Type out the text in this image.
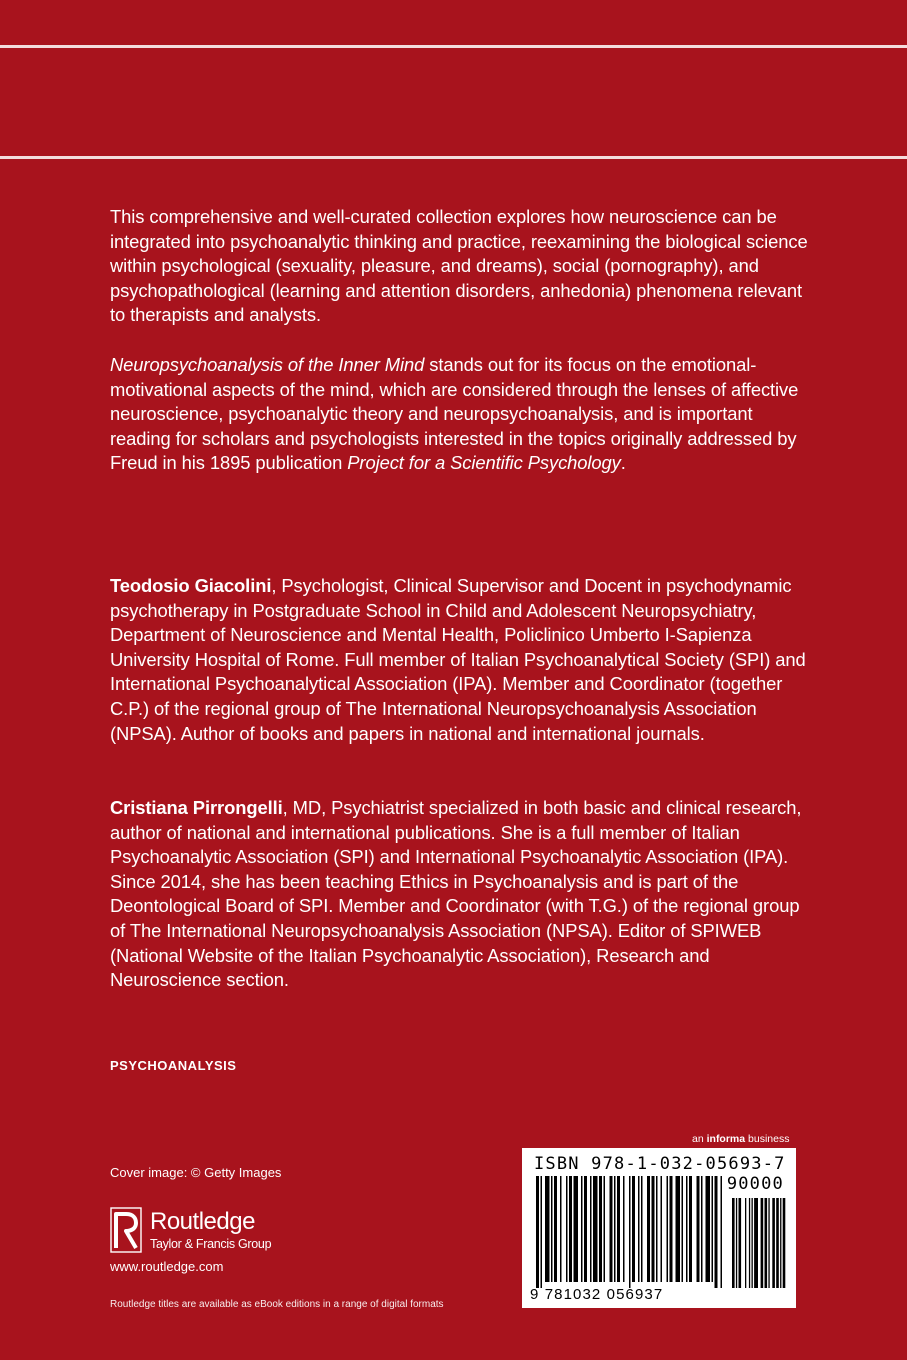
This comprehensive and well-curated collection explores how neuroscience can be integrated into psychoanalytic thinking and practice, reexamining the biological science within psychological (sexuality, pleasure, and dreams), social (pornography), and psychopathological (learning and attention disorders, anhedonia) phenomena relevant to therapists and analysts.

Neuropsychoanalysis of the Inner Mind stands out for its focus on the emotional-motivational aspects of the mind, which are considered through the lenses of affective neuroscience, psychoanalytic theory and neuropsychoanalysis, and is important reading for scholars and psychologists interested in the topics originally addressed by Freud in his 1895 publication Project for a Scientific Psychology.

Teodosio Giacolini, Psychologist, Clinical Supervisor and Docent in psychodynamic psychotherapy in Postgraduate School in Child and Adolescent Neuropsychiatry, Department of Neuroscience and Mental Health, Policlinico Umberto I-Sapienza University Hospital of Rome. Full member of Italian Psychoanalytical Society (SPI) and International Psychoanalytical Association (IPA). Member and Coordinator (together C.P.) of the regional group of The International Neuropsychoanalysis Association (NPSA). Author of books and papers in national and international journals.

Cristiana Pirrongelli, MD, Psychiatrist specialized in both basic and clinical research, author of national and international publications. She is a full member of Italian Psychoanalytic Association (SPI) and International Psychoanalytic Association (IPA). Since 2014, she has been teaching Ethics in Psychoanalysis and is part of the Deontological Board of SPI. Member and Coordinator (with T.G.) of the regional group of The International Neuropsychoanalysis Association (NPSA). Editor of SPIWEB (National Website of the Italian Psychoanalytic Association), Research and Neuroscience section.

PSYCHOANALYSIS
Cover image: © Getty Images
Routledge
Taylor & Francis Group
www.routledge.com
Routledge titles are available as eBook editions in a range of digital formats
an informa business
ISBN 978-1-032-05693-7
90000
9 781032 056937
